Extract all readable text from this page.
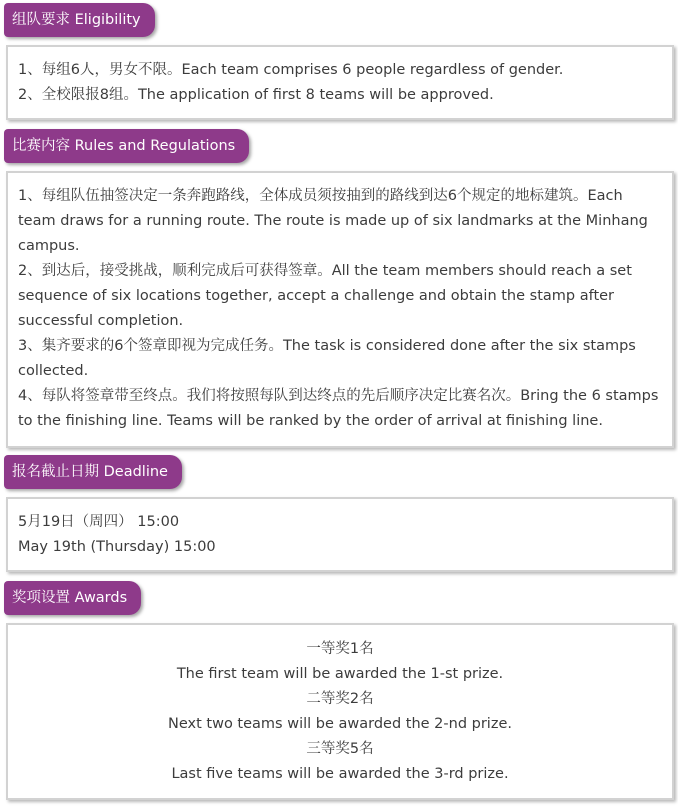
组队要求 Eligibility

1、每组6人，男女不限。Each team comprises 6 people regardless of gender.

2、全校限报8组。The application of first 8 teams will be approved.

比赛内容 Rules and Regulations

1、每组队伍抽签决定一条奔跑路线，全体成员须按抽到的路线到达6个规定的地标建筑。Each team draws for a running route. The route is made up of six landmarks at the Minhang campus.

2、到达后，接受挑战，顺利完成后可获得签章。All the team members should reach a set sequence of six locations together, accept a challenge and obtain the stamp after successful completion.

3、集齐要求的6个签章即视为完成任务。The task is considered done after the six stamps collected.

4、每队将签章带至终点。我们将按照每队到达终点的先后顺序决定比赛名次。Bring the 6 stamps to the finishing line. Teams will be ranked by the order of arrival at finishing line.

报名截止日期 Deadline

5月19日（周四） 15:00

May 19th (Thursday) 15:00

奖项设置 Awards

一等奖1名

The first team will be awarded the 1-st prize.

二等奖2名

Next two teams will be awarded the 2-nd prize.

三等奖5名

Last five teams will be awarded the 3-rd prize.
